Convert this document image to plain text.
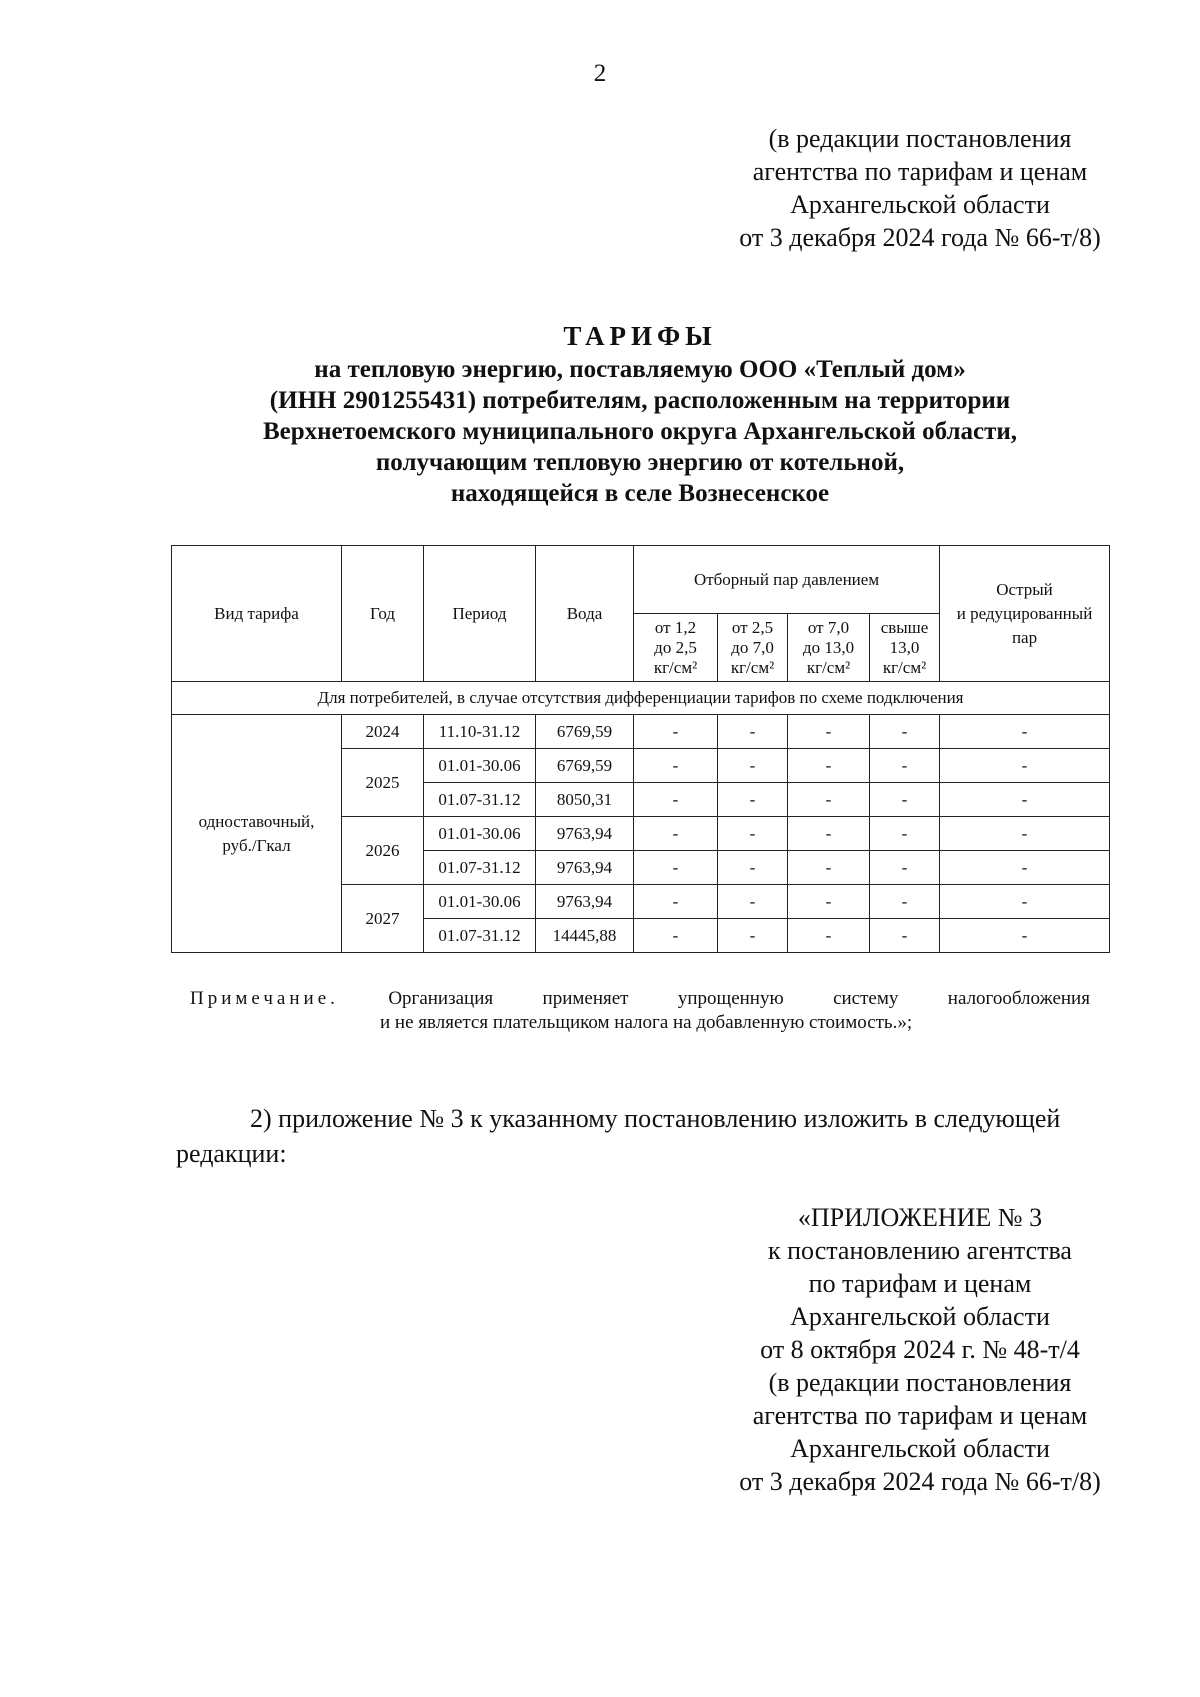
2
(в редакции постановления
агентства по тарифам и ценам
Архангельской области
от 3 декабря 2024 года № 66-т/8)
ТАРИФЫ
на тепловую энергию, поставляемую ООО «Теплый дом»
(ИНН 2901255431) потребителям, расположенным на территории
Верхнетоемского муниципального округа Архангельской области,
получающим тепловую энергию от котельной,
находящейся в селе Вознесенское
Вид тарифа	Год	Период	Вода	Отборный пар давлением				Острый
и редуцированный
пар

				от 1,2
до 2,5
кг/см²	от 2,5
до 7,0
кг/см²	от 7,0
до 13,0
кг/см²	свыше
13,0
кг/см²	

Для потребителей, в случае отсутствия дифференциации тарифов по схеме подключения								

одноставочный,
руб./Гкал	2024	11.10-31.12	6769,59	-	-	-	-	-
	2025	01.01-30.06	6769,59	-	-	-	-	-
		01.07-31.12	8050,31	-	-	-	-	-
	2026	01.01-30.06	9763,94	-	-	-	-	-
		01.07-31.12	9763,94	-	-	-	-	-
	2027	01.01-30.06	9763,94	-	-	-	-	-
		01.07-31.12	14445,88	-	-	-	-	-
Примечание.	Организация	применяет	упрощенную	систему	налогообложения
и не является плательщиком налога на добавленную стоимость.»;
2) приложение № 3 к указанному постановлению изложить в следующей
редакции:
«ПРИЛОЖЕНИЕ № 3
к постановлению агентства
по тарифам и ценам
Архангельской области
от 8 октября 2024 г. № 48-т/4
(в редакции постановления
агентства по тарифам и ценам
Архангельской области
от 3 декабря 2024 года № 66-т/8)
